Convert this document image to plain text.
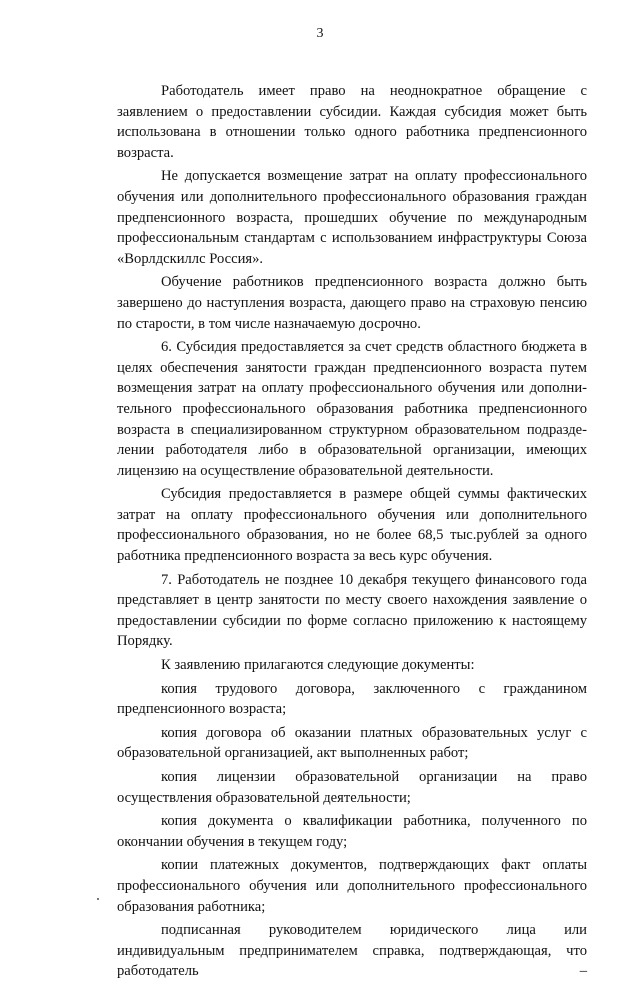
3

Работодатель имеет право на неоднократное обращение с заявлением о предоставлении субсидии. Каждая субсидия может быть использована в отношении только одного работника предпенсионного возраста.

Не допускается возмещение затрат на оплату профессионального обучения или дополнительного профессионального образования граждан предпенсионного возраста, прошедших обучение по международным профессиональным стандартам с использованием инфраструктуры Союза «Ворлдскиллс Россия».

Обучение работников предпенсионного возраста должно быть завершено до наступления возраста, дающего право на страховую пенсию по старости, в том числе назначаемую досрочно.

6. Субсидия предоставляется за счет средств областного бюджета в целях обеспечения занятости граждан предпенсионного возраста путем возмещения затрат на оплату профессионального обучения или дополнительного профессионального образования работника предпенсионного возраста в специализированном структурном образовательном подразделении работодателя либо в образовательной организации, имеющих лицензию на осуществление образовательной деятельности.

Субсидия предоставляется в размере общей суммы фактических затрат на оплату профессионального обучения или дополнительного профессионального образования, но не более 68,5 тыс.рублей за одного работника предпенсионного возраста за весь курс обучения.

7. Работодатель не позднее 10 декабря текущего финансового года представляет в центр занятости по месту своего нахождения заявление о предоставлении субсидии по форме согласно приложению к настоящему Порядку.

К заявлению прилагаются следующие документы:

копия трудового договора, заключенного с гражданином предпенсионного возраста;

копия договора об оказании платных образовательных услуг с образовательной организацией, акт выполненных работ;

копия лицензии образовательной организации на право осуществления образовательной деятельности;

копия документа о квалификации работника, полученного по окончании обучения в текущем году;

копии платежных документов, подтверждающих факт оплаты профессионального обучения или дополнительного профессионального образования работника;

подписанная руководителем юридического лица или индивидуальным предпринимателем справка, подтверждающая, что работодатель –
